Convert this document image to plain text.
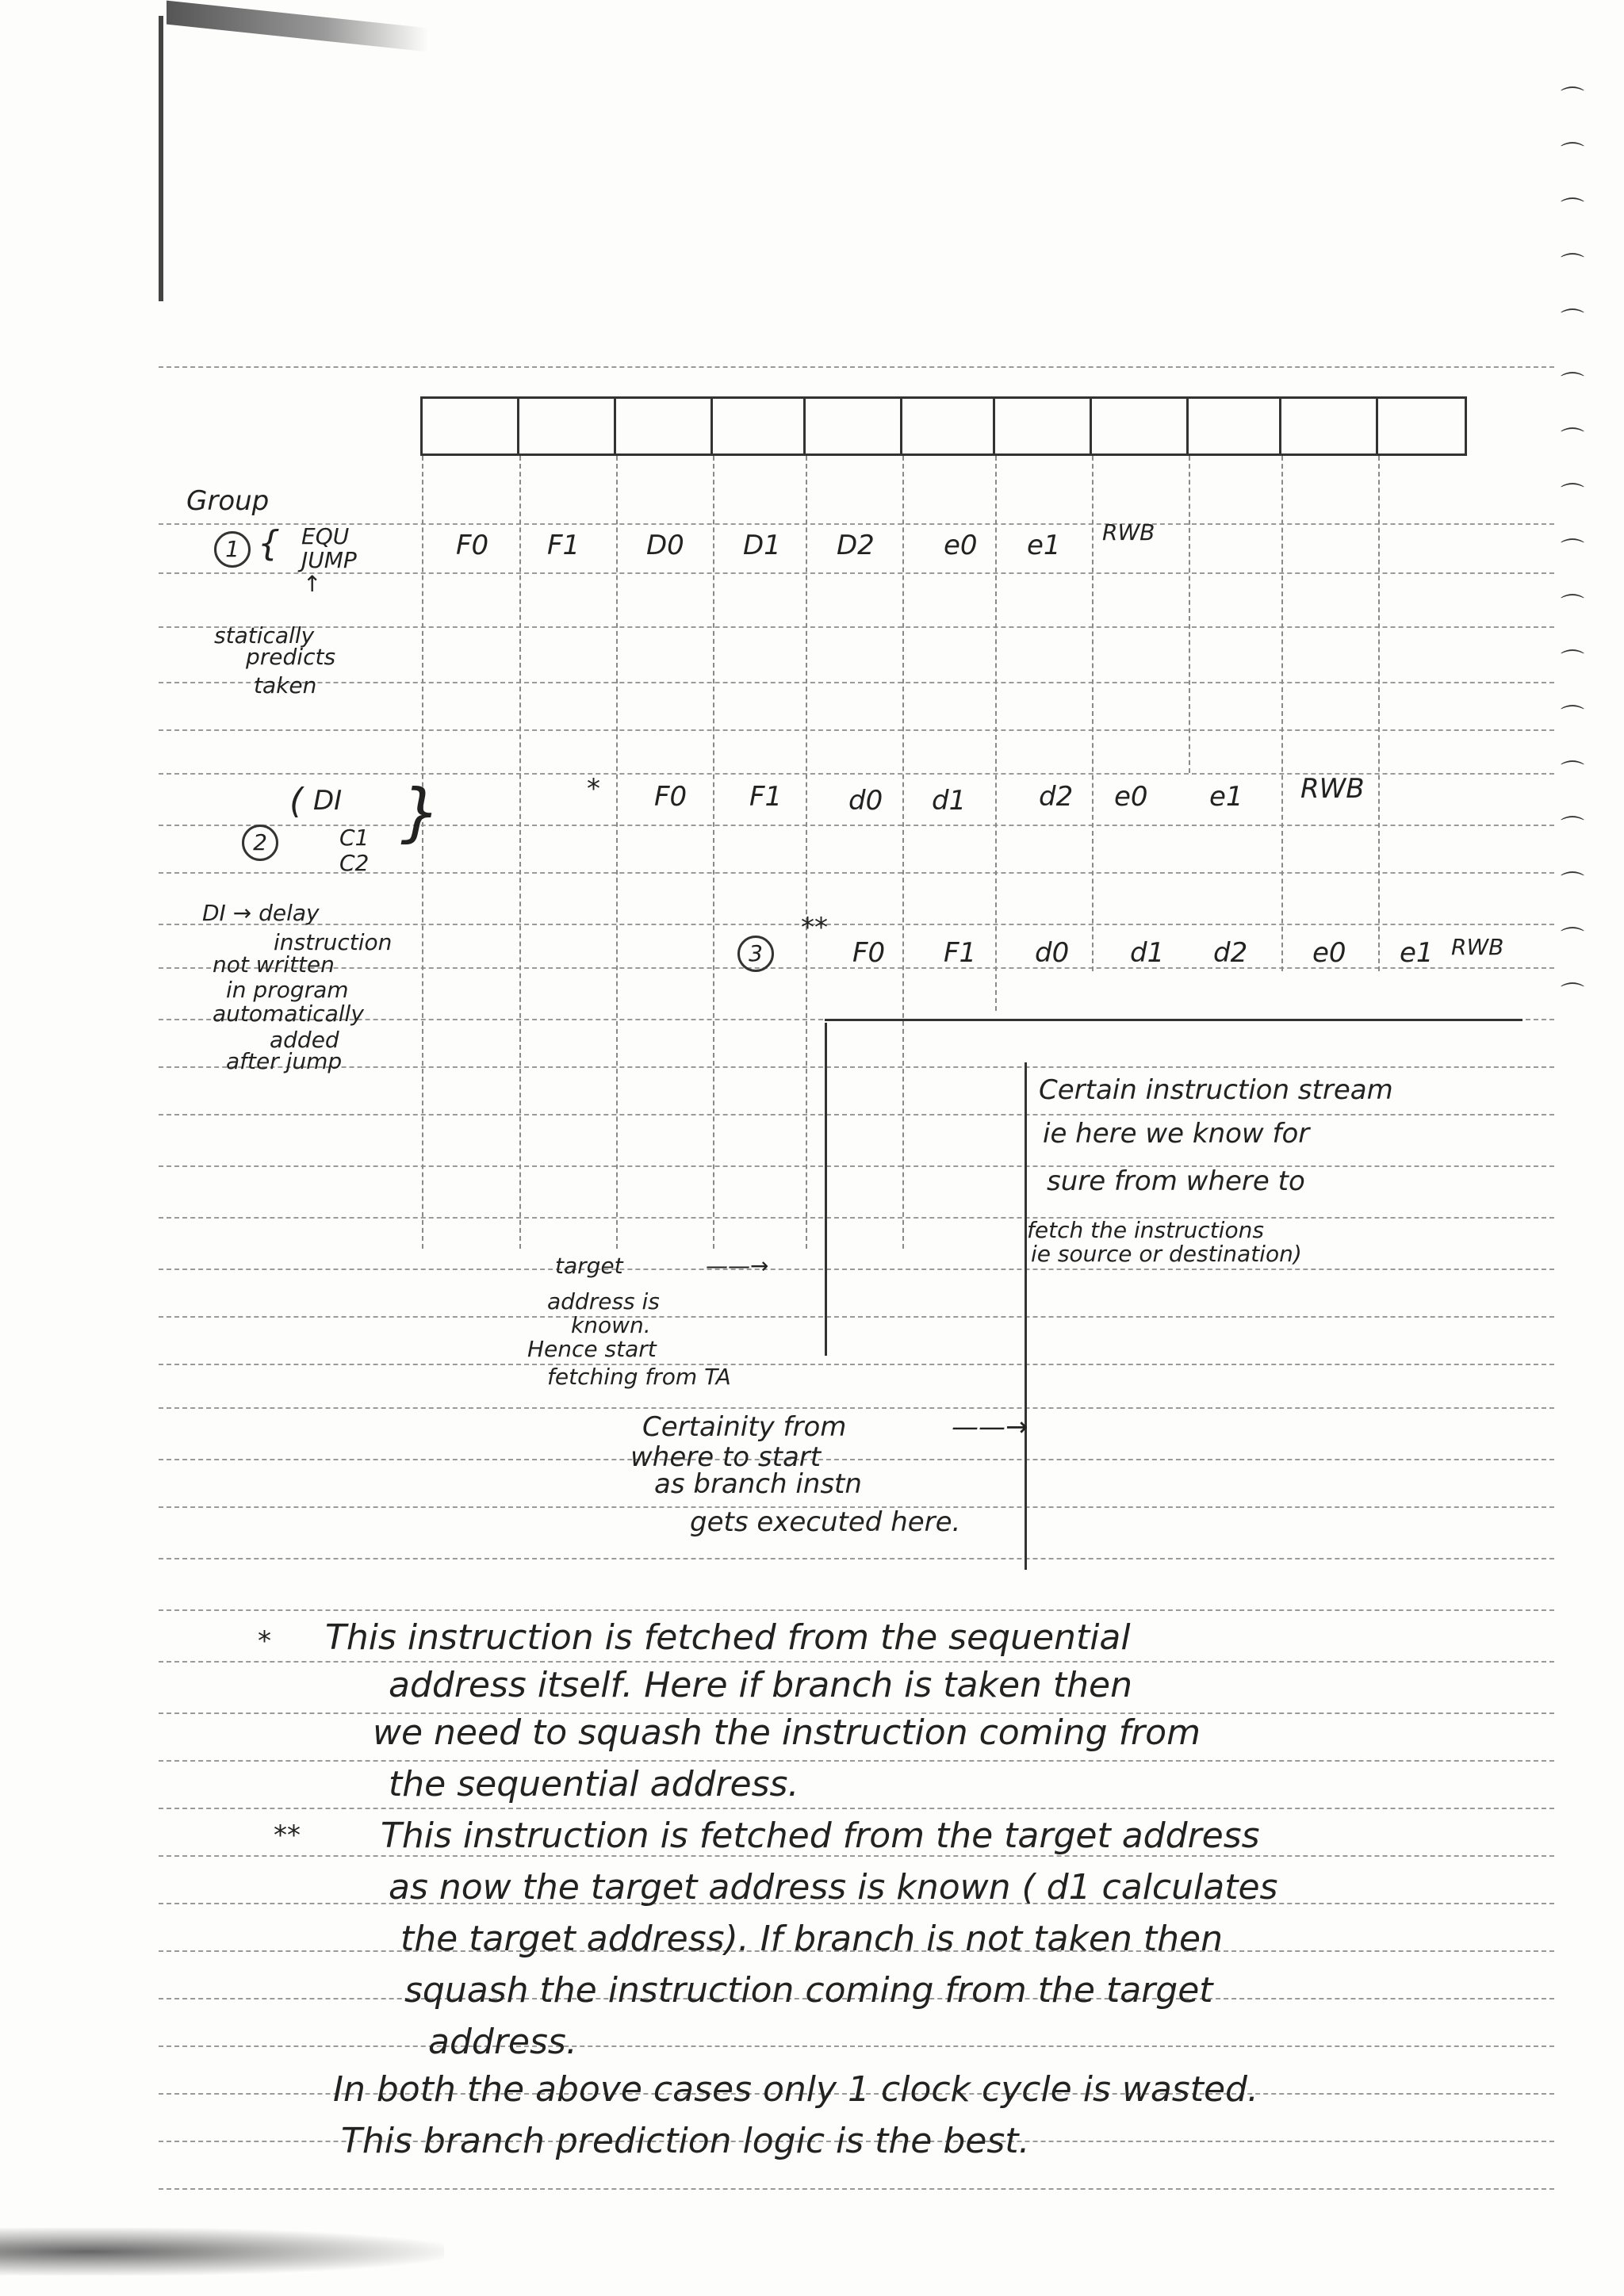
Group
1 { EQU
JUMP
↑
F0 F1 D0 D1 D2	e0 e1 RWB
statically
predicts
taken
( DI
2	C1
C2
}	* F0 F1 d0 d1	d2 e0 e1 RWB
DI → delay
instruction
not written
in program
automatically
added
after jump
3
**
F0 F1 d0 d1 d2 e0 e1 RWB
Certain instruction stream
ie here we know for
sure from where to
fetch the instructions
ie source or destination)
target	——→
address is
known.
Hence start
fetching from TA
Certainity from	——→
where to start
as branch instn
gets executed here.
* This instruction is fetched from the sequential
address itself. Here if branch is taken then
we need to squash the instruction coming from
the sequential address.
** This instruction is fetched from the target address
as now the target address is known ( d1 calculates
the target address). If branch is not taken then
squash the instruction coming from the target
address.
In both the above cases only 1 clock cycle is wasted.
This branch prediction logic is the best.
⌒
⌒
⌒
⌒
⌒
⌒
⌒
⌒
⌒
⌒
⌒
⌒
⌒
⌒
⌒
⌒
⌒
